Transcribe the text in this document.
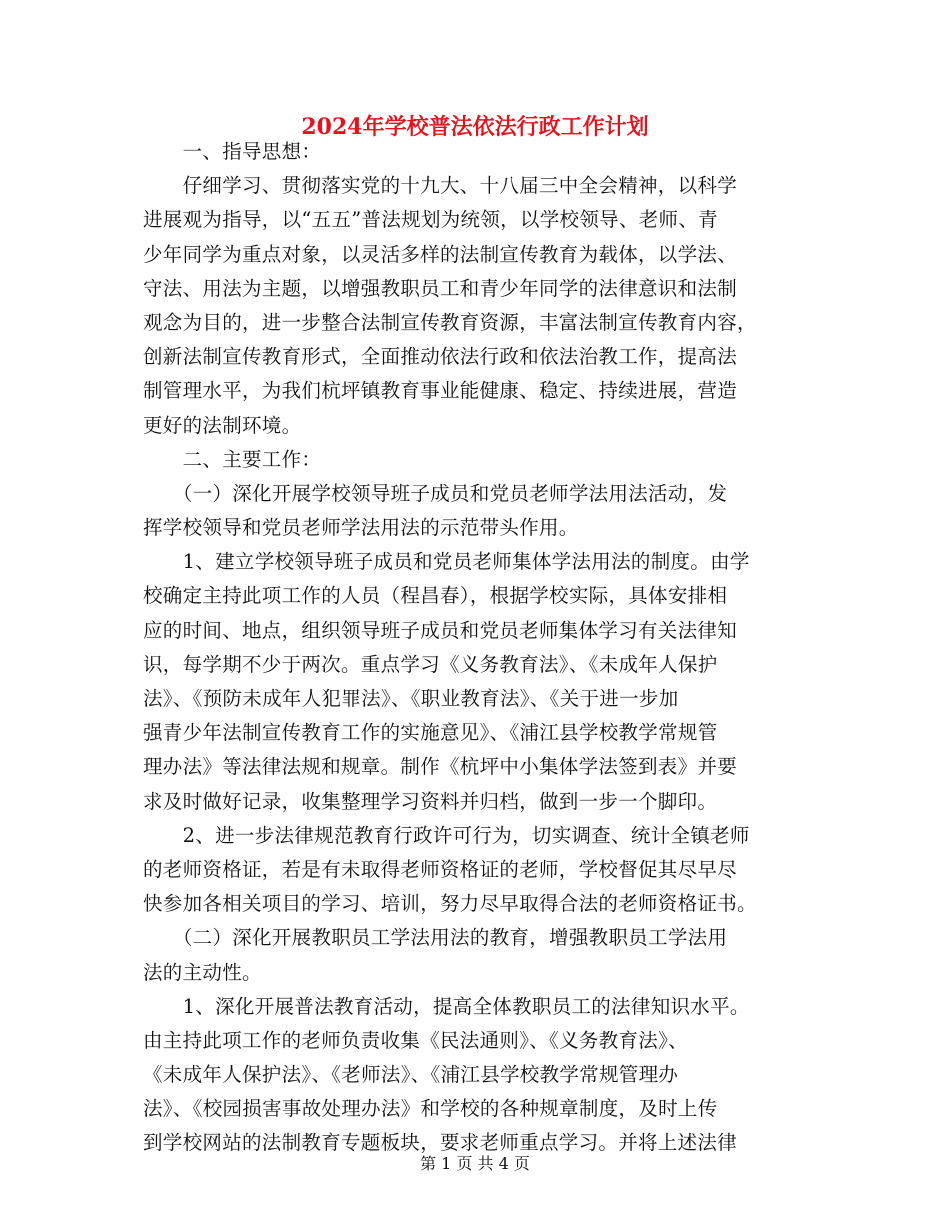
2024年学校普法依法行政工作计划
　　一、指导思想：
　　仔细学习、贯彻落实党的十九大、十八届三中全会精神，以科学
进展观为指导，以“五五”普法规划为统领，以学校领导、老师、青
少年同学为重点对象，以灵活多样的法制宣传教育为载体，以学法、
守法、用法为主题，以增强教职员工和青少年同学的法律意识和法制
观念为目的，进一步整合法制宣传教育资源，丰富法制宣传教育内容，
创新法制宣传教育形式，全面推动依法行政和依法治教工作，提高法
制管理水平，为我们杭坪镇教育事业能健康、稳定、持续进展，营造
更好的法制环境。
　　二、主要工作：
　　（一）深化开展学校领导班子成员和党员老师学法用法活动，发
挥学校领导和党员老师学法用法的示范带头作用。
　　1、建立学校领导班子成员和党员老师集体学法用法的制度。由学
校确定主持此项工作的人员（程昌春），根据学校实际，具体安排相
应的时间、地点，组织领导班子成员和党员老师集体学习有关法律知
识，每学期不少于两次。重点学习《义务教育法》、《未成年人保护
法》、《预防未成年人犯罪法》、《职业教育法》、《关于进一步加
强青少年法制宣传教育工作的实施意见》、《浦江县学校教学常规管
理办法》等法律法规和规章。制作《杭坪中小集体学法签到表》并要
求及时做好记录，收集整理学习资料并归档，做到一步一个脚印。
　　2、进一步法律规范教育行政许可行为，切实调查、统计全镇老师
的老师资格证，若是有未取得老师资格证的老师，学校督促其尽早尽
快参加各相关项目的学习、培训，努力尽早取得合法的老师资格证书。
　　（二）深化开展教职员工学法用法的教育，增强教职员工学法用
法的主动性。
　　1、深化开展普法教育活动，提高全体教职员工的法律知识水平。
由主持此项工作的老师负责收集《民法通则》、《义务教育法》、
《未成年人保护法》、《老师法》、《浦江县学校教学常规管理办
法》、《校园损害事故处理办法》和学校的各种规章制度，及时上传
到学校网站的法制教育专题板块，要求老师重点学习。并将上述法律
第 1 页 共 4 页
